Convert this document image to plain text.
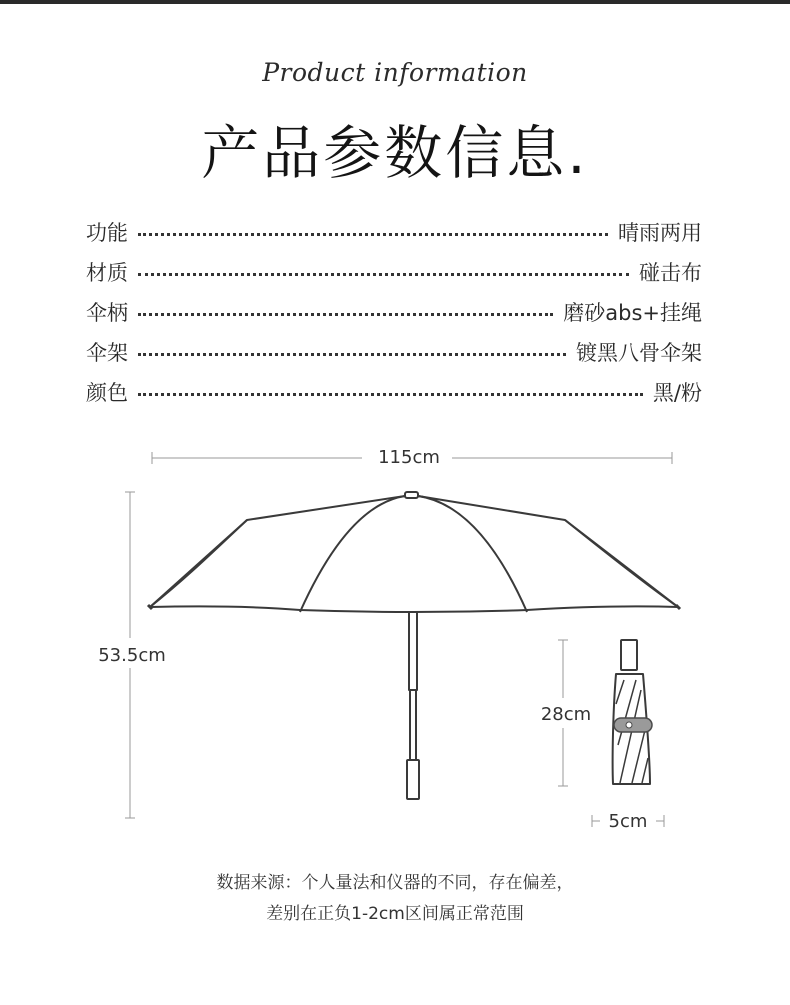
Product information
产品参数信息.
功能	晴雨两用
材质	碰击布
伞柄	磨砂abs+挂绳
伞架	镀黑八骨伞架
颜色	黑/粉
115cm
53.5cm
28cm
5cm
数据来源：个人量法和仪器的不同，存在偏差，
差别在正负1-2cm区间属正常范围
